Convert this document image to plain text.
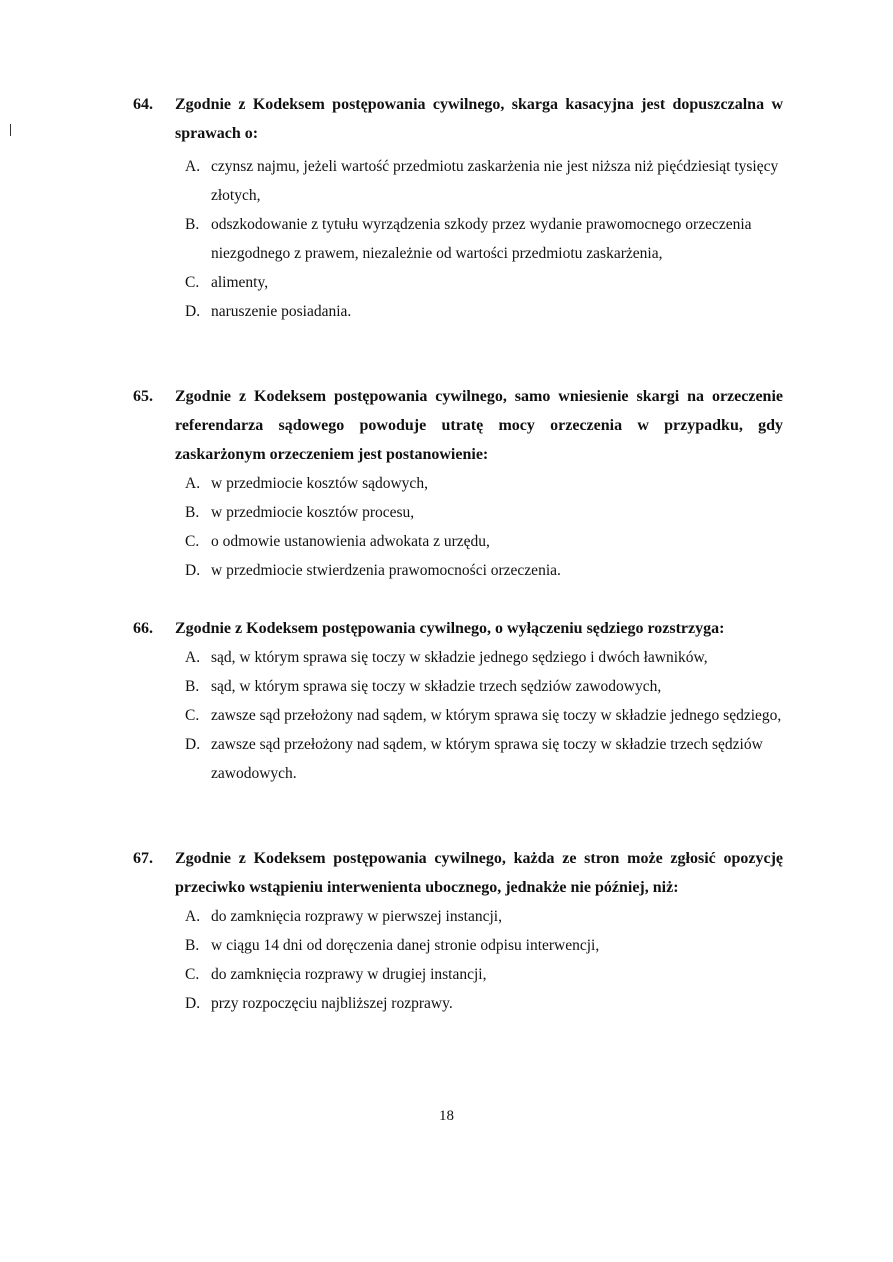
64.	Zgodnie z Kodeksem postępowania cywilnego, skarga kasacyjna jest dopuszczalna w sprawach o:
A. czynsz najmu, jeżeli wartość przedmiotu zaskarżenia nie jest niższa niż pięćdziesiąt tysięcy złotych,
B. odszkodowanie z tytułu wyrządzenia szkody przez wydanie prawomocnego orzeczenia niezgodnego z prawem, niezależnie od wartości przedmiotu zaskarżenia,
C. alimenty,
D. naruszenie posiadania.
65.	Zgodnie z Kodeksem postępowania cywilnego, samo wniesienie skargi na orzeczenie referendarza sądowego powoduje utratę mocy orzeczenia w przypadku, gdy zaskarżonym orzeczeniem jest postanowienie:
A. w przedmiocie kosztów sądowych,
B. w przedmiocie kosztów procesu,
C. o odmowie ustanowienia adwokata z urzędu,
D. w przedmiocie stwierdzenia prawomocności orzeczenia.
66.	Zgodnie z Kodeksem postępowania cywilnego, o wyłączeniu sędziego rozstrzyga:
A. sąd, w którym sprawa się toczy w składzie jednego sędziego i dwóch ławników,
B. sąd, w którym sprawa się toczy w składzie trzech sędziów zawodowych,
C. zawsze sąd przełożony nad sądem, w którym sprawa się toczy w składzie jednego sędziego,
D. zawsze sąd przełożony nad sądem, w którym sprawa się toczy w składzie trzech sędziów zawodowych.
67.	Zgodnie z Kodeksem postępowania cywilnego, każda ze stron może zgłosić opozycję przeciwko wstąpieniu interwenienta ubocznego, jednakże nie później, niż:
A. do zamknięcia rozprawy w pierwszej instancji,
B. w ciągu 14 dni od doręczenia danej stronie odpisu interwencji,
C. do zamknięcia rozprawy w drugiej instancji,
D. przy rozpoczęciu najbliższej rozprawy.
18
